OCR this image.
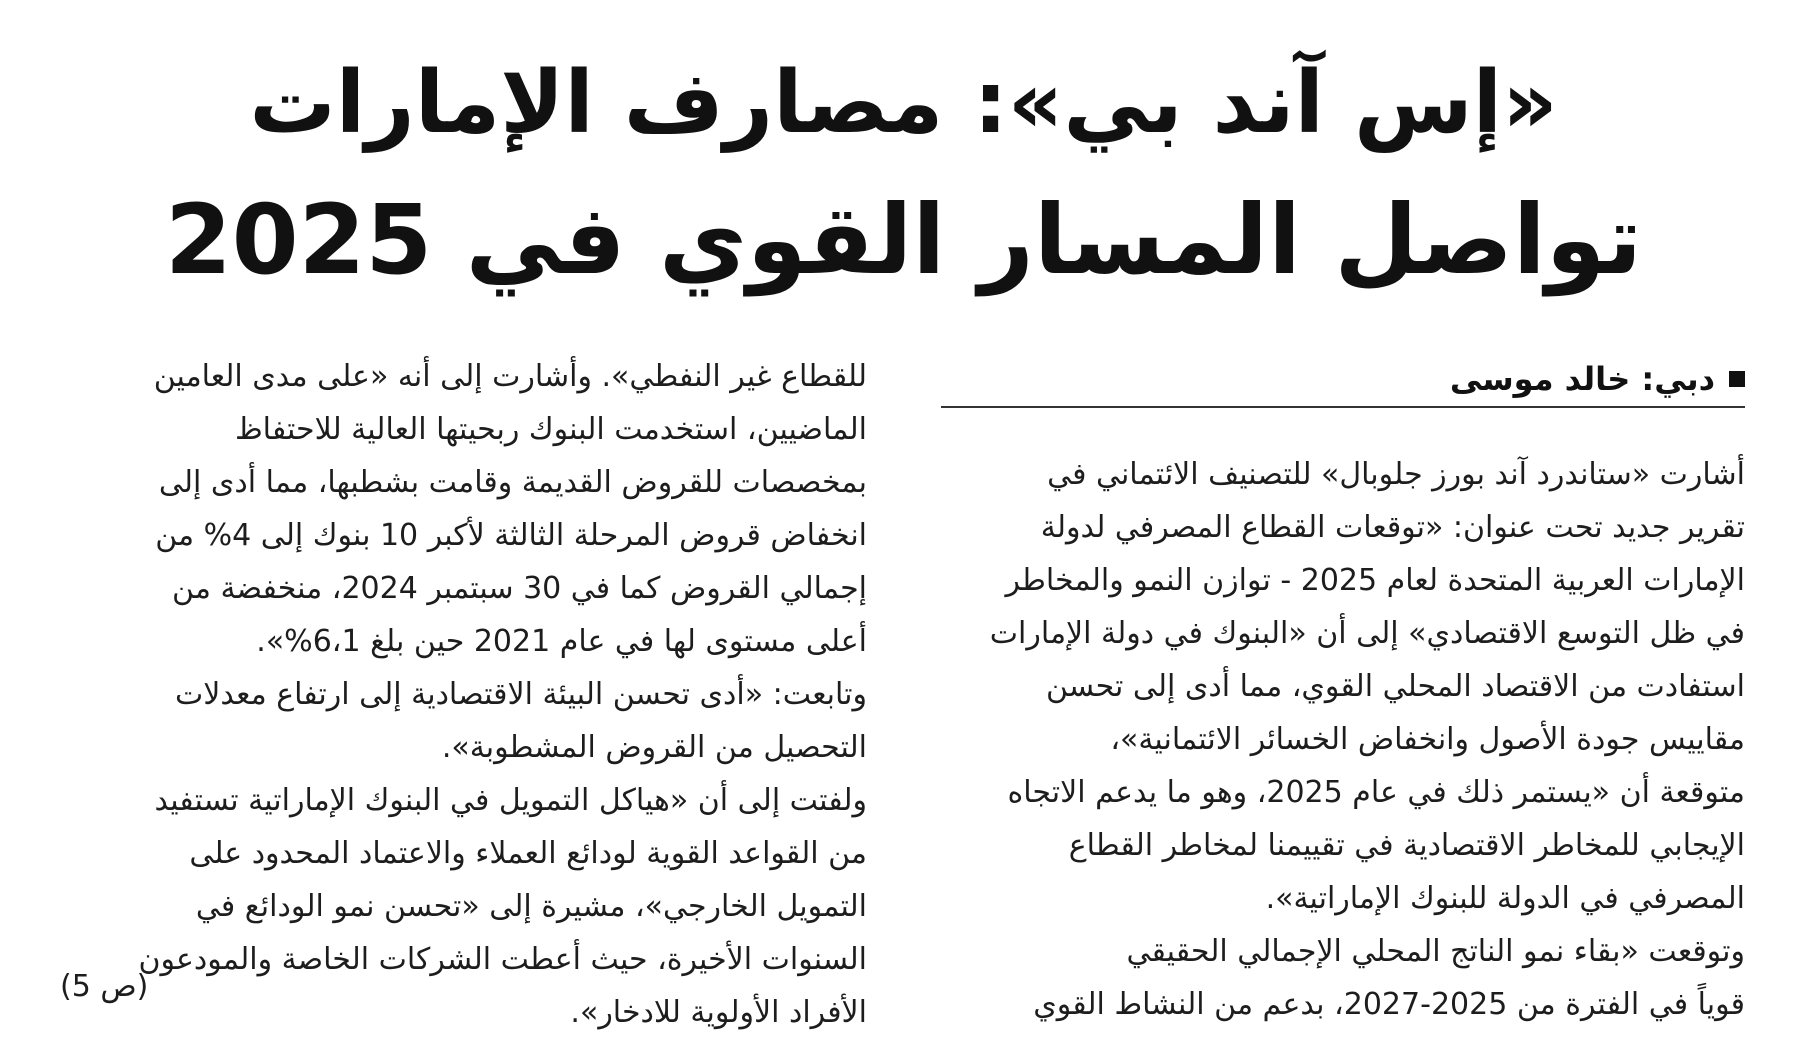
«إس آند بي»: مصارف الإمارات
تواصل المسار القوي في 2025
دبي: خالد موسى
أشارت «ستاندرد آند بورز جلوبال» للتصنيف الائتماني في
تقرير جديد تحت عنوان: «توقعات القطاع المصرفي لدولة
الإمارات العربية المتحدة لعام 2025 - توازن النمو والمخاطر
في ظل التوسع الاقتصادي» إلى أن «البنوك في دولة الإمارات
استفادت من الاقتصاد المحلي القوي، مما أدى إلى تحسن
مقاييس جودة الأصول وانخفاض الخسائر الائتمانية»،
متوقعة أن «يستمر ذلك في عام 2025، وهو ما يدعم الاتجاه
الإيجابي للمخاطر الاقتصادية في تقييمنا لمخاطر القطاع
المصرفي في الدولة للبنوك الإماراتية».
وتوقعت «بقاء نمو الناتج المحلي الإجمالي الحقيقي
قوياً في الفترة من 2025-2027، بدعم من النشاط القوي
للقطاع غير النفطي». وأشارت إلى أنه «على مدى العامين
الماضيين، استخدمت البنوك ربحيتها العالية للاحتفاظ
بمخصصات للقروض القديمة وقامت بشطبها، مما أدى إلى
انخفاض قروض المرحلة الثالثة لأكبر 10 بنوك إلى 4% من
إجمالي القروض كما في 30 سبتمبر 2024، منخفضة من
أعلى مستوى لها في عام 2021 حين بلغ 6،1%».
وتابعت: «أدى تحسن البيئة الاقتصادية إلى ارتفاع معدلات
التحصيل من القروض المشطوبة».
ولفتت إلى أن «هياكل التمويل في البنوك الإماراتية تستفيد
من القواعد القوية لودائع العملاء والاعتماد المحدود على
التمويل الخارجي»، مشيرة إلى «تحسن نمو الودائع في
السنوات الأخيرة، حيث أعطت الشركات الخاصة والمودعون
الأفراد الأولوية للادخار».
(ص 5)
